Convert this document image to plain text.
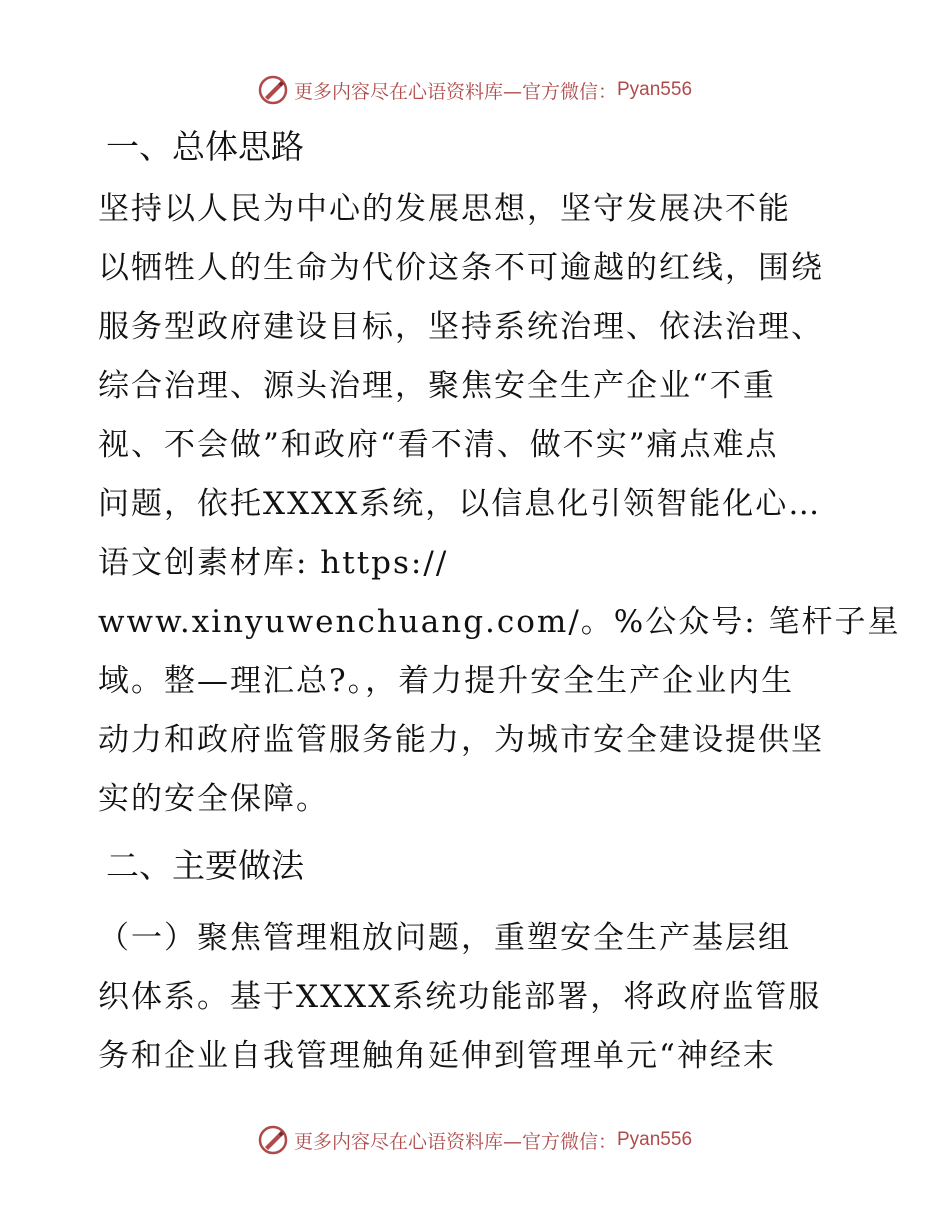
更多内容尽在心语资料库—官方微信： Pyan556
一、总体思路

坚持以人民为中心的发展思想，坚守发展决不能
以牺牲人的生命为代价这条不可逾越的红线，围绕
服务型政府建设目标，坚持系统治理、依法治理、
综合治理、源头治理，聚焦安全生产企业“不重
视、不会做”和政府“看不清、做不实”痛点难点
问题，依托XXXX系统，以信息化引领智能化心…
语文创素材库: https://
www.xinyuwenchuang.com/。%公众号: 笔杆子星
域。整—理汇总?。，着力提升安全生产企业内生
动力和政府监管服务能力，为城市安全建设提供坚
实的安全保障。

二、主要做法

（一）聚焦管理粗放问题，重塑安全生产基层组
织体系。基于XXXX系统功能部署，将政府监管服
务和企业自我管理触角延伸到管理单元“神经末

更多内容尽在心语资料库—官方微信： Pyan556
